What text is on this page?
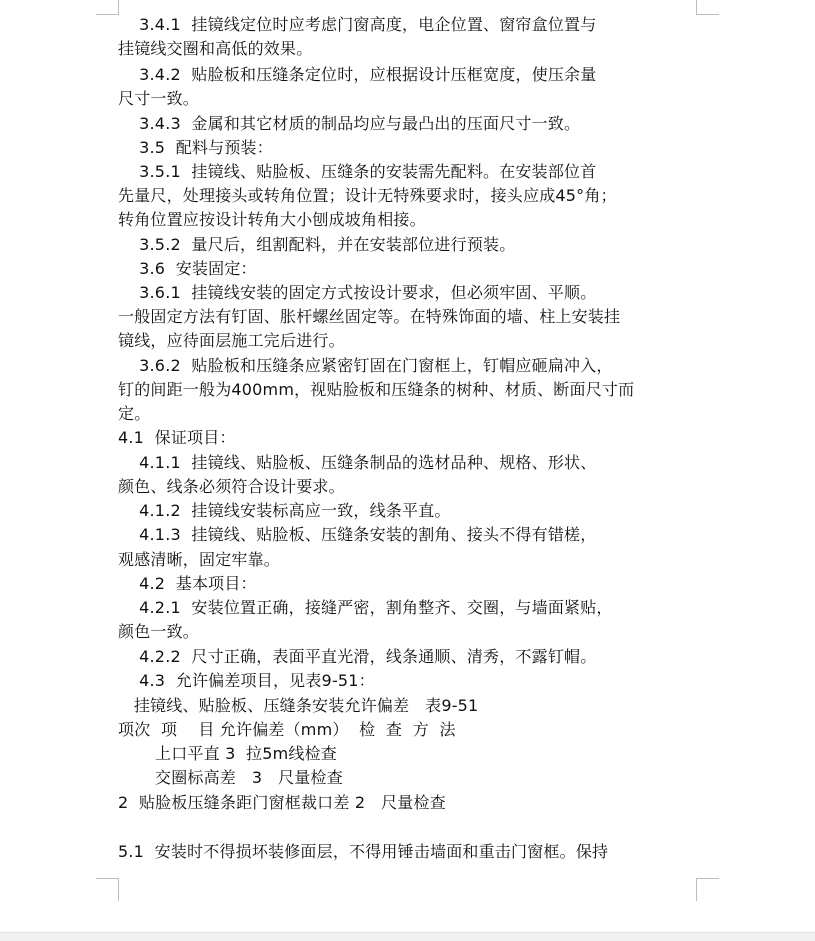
3.4.1  挂镜线定位时应考虑门窗高度，电企位置、窗帘盒位置与
挂镜线交圈和高低的效果。
3.4.2  贴脸板和压缝条定位时，应根据设计压框宽度，使压余量
尺寸一致。
3.4.3  金属和其它材质的制品均应与最凸出的压面尺寸一致。
3.5  配料与预装：
3.5.1  挂镜线、贴脸板、压缝条的安装需先配料。在安装部位首
先量尺，处理接头或转角位置；设计无特殊要求时，接头应成45°角；
转角位置应按设计转角大小刨成坡角相接。
3.5.2  量尺后，组割配料，并在安装部位进行预装。
3.6  安装固定：
3.6.1  挂镜线安装的固定方式按设计要求，但必须牢固、平顺。
一般固定方法有钉固、胀杆螺丝固定等。在特殊饰面的墙、柱上安装挂
镜线，应待面层施工完后进行。
3.6.2  贴脸板和压缝条应紧密钉固在门窗框上，钉帽应砸扁冲入，
钉的间距一般为400mm，视贴脸板和压缝条的树种、材质、断面尺寸而
定。
4.1  保证项目：
4.1.1  挂镜线、贴脸板、压缝条制品的选材品种、规格、形状、
颜色、线条必须符合设计要求。
4.1.2  挂镜线安装标高应一致，线条平直。
4.1.3  挂镜线、贴脸板、压缝条安装的割角、接头不得有错槎，
观感清晰，固定牢靠。
4.2  基本项目：
4.2.1  安装位置正确，接缝严密，割角整齐、交圈，与墙面紧贴，
颜色一致。
4.2.2  尺寸正确，表面平直光滑，线条通顺、清秀，不露钉帽。
4.3  允许偏差项目，见表9-51：
挂镜线、贴脸板、压缝条安装允许偏差   表9-51
项次  项    目 允许偏差（mm）  检  查  方  法
上口平直 3  拉5m线检查
交圈标高差   3   尺量检查
2  贴脸板压缝条距门窗框裁口差 2   尺量检查
5.1  安装时不得损坏装修面层，不得用锤击墙面和重击门窗框。保持
